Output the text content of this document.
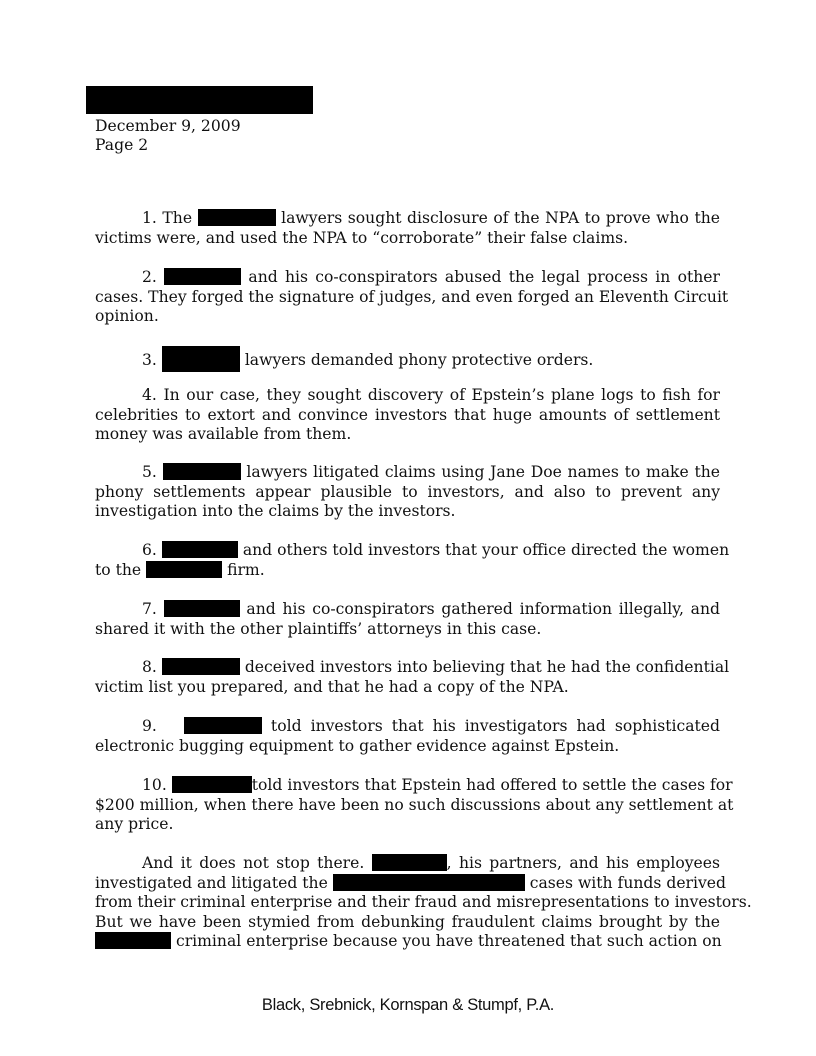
December 9, 2009
Page 2
1. The	lawyers sought disclosure of the NPA to prove who the
victims were, and used the NPA to “corroborate” their false claims.
2.	and his co-conspirators abused the legal process in other
cases. They forged the signature of judges, and even forged an Eleventh Circuit
opinion.
3.	lawyers demanded phony protective orders.
4. In our case, they sought discovery of Epstein’s plane logs to fish for
celebrities to extort and convince investors that huge amounts of settlement
money was available from them.
5.	lawyers litigated claims using Jane Doe names to make the
phony settlements appear plausible to investors, and also to prevent any
investigation into the claims by the investors.
6.	and others told investors that your office directed the women
to the	firm.
7.	and his co-conspirators gathered information illegally, and
shared it with the other plaintiffs’ attorneys in this case.
8.	deceived investors into believing that he had the confidential
victim list you prepared, and that he had a copy of the NPA.
9.	told investors that his investigators had sophisticated
electronic bugging equipment to gather evidence against Epstein.
10.	told investors that Epstein had offered to settle the cases for
$200 million, when there have been no such discussions about any settlement at
any price.
And it does not stop there.	, his partners, and his employees
investigated and litigated the	cases with funds derived
from their criminal enterprise and their fraud and misrepresentations to investors.
But we have been stymied from debunking fraudulent claims brought by the
criminal enterprise because you have threatened that such action on
Black, Srebnick, Kornspan & Stumpf, P.A.
